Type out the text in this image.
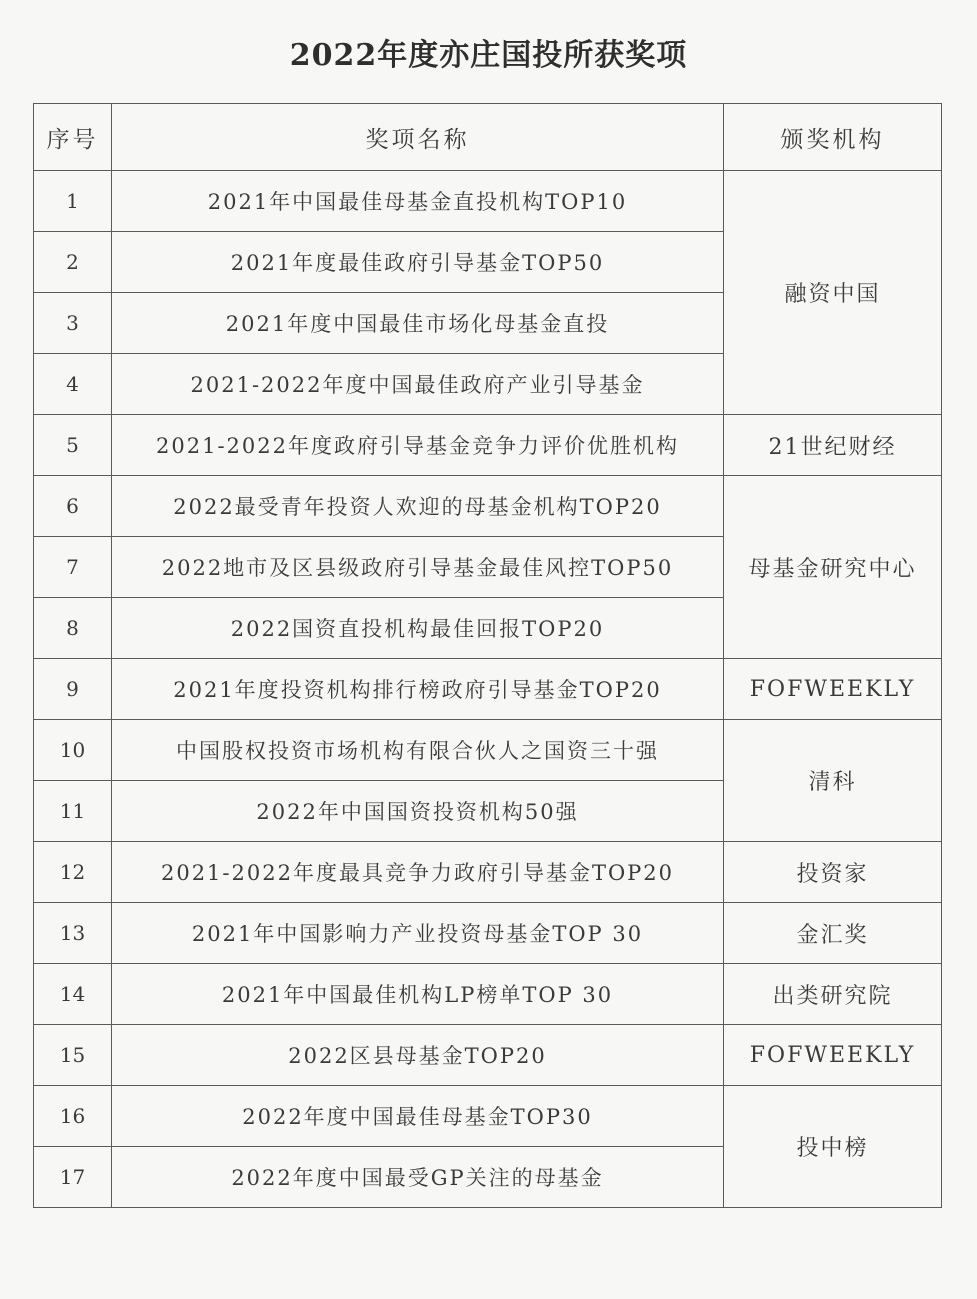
2022年度亦庄国投所获奖项
序号	奖项名称	颁奖机构
1	2021年中国最佳母基金直投机构TOP10	融资中国
2	2021年度最佳政府引导基金TOP50	
3	2021年度中国最佳市场化母基金直投	
4	2021-2022年度中国最佳政府产业引导基金	
5	2021-2022年度政府引导基金竞争力评价优胜机构	21世纪财经
6	2022最受青年投资人欢迎的母基金机构TOP20	母基金研究中心
7	2022地市及区县级政府引导基金最佳风控TOP50	
8	2022国资直投机构最佳回报TOP20	
9	2021年度投资机构排行榜政府引导基金TOP20	FOFWEEKLY
10	中国股权投资市场机构有限合伙人之国资三十强	清科
11	2022年中国国资投资机构50强	
12	2021-2022年度最具竞争力政府引导基金TOP20	投资家
13	2021年中国影响力产业投资母基金TOP 30	金汇奖
14	2021年中国最佳机构LP榜单TOP 30	出类研究院
15	2022区县母基金TOP20	FOFWEEKLY
16	2022年度中国最佳母基金TOP30	投中榜
17	2022年度中国最受GP关注的母基金	
